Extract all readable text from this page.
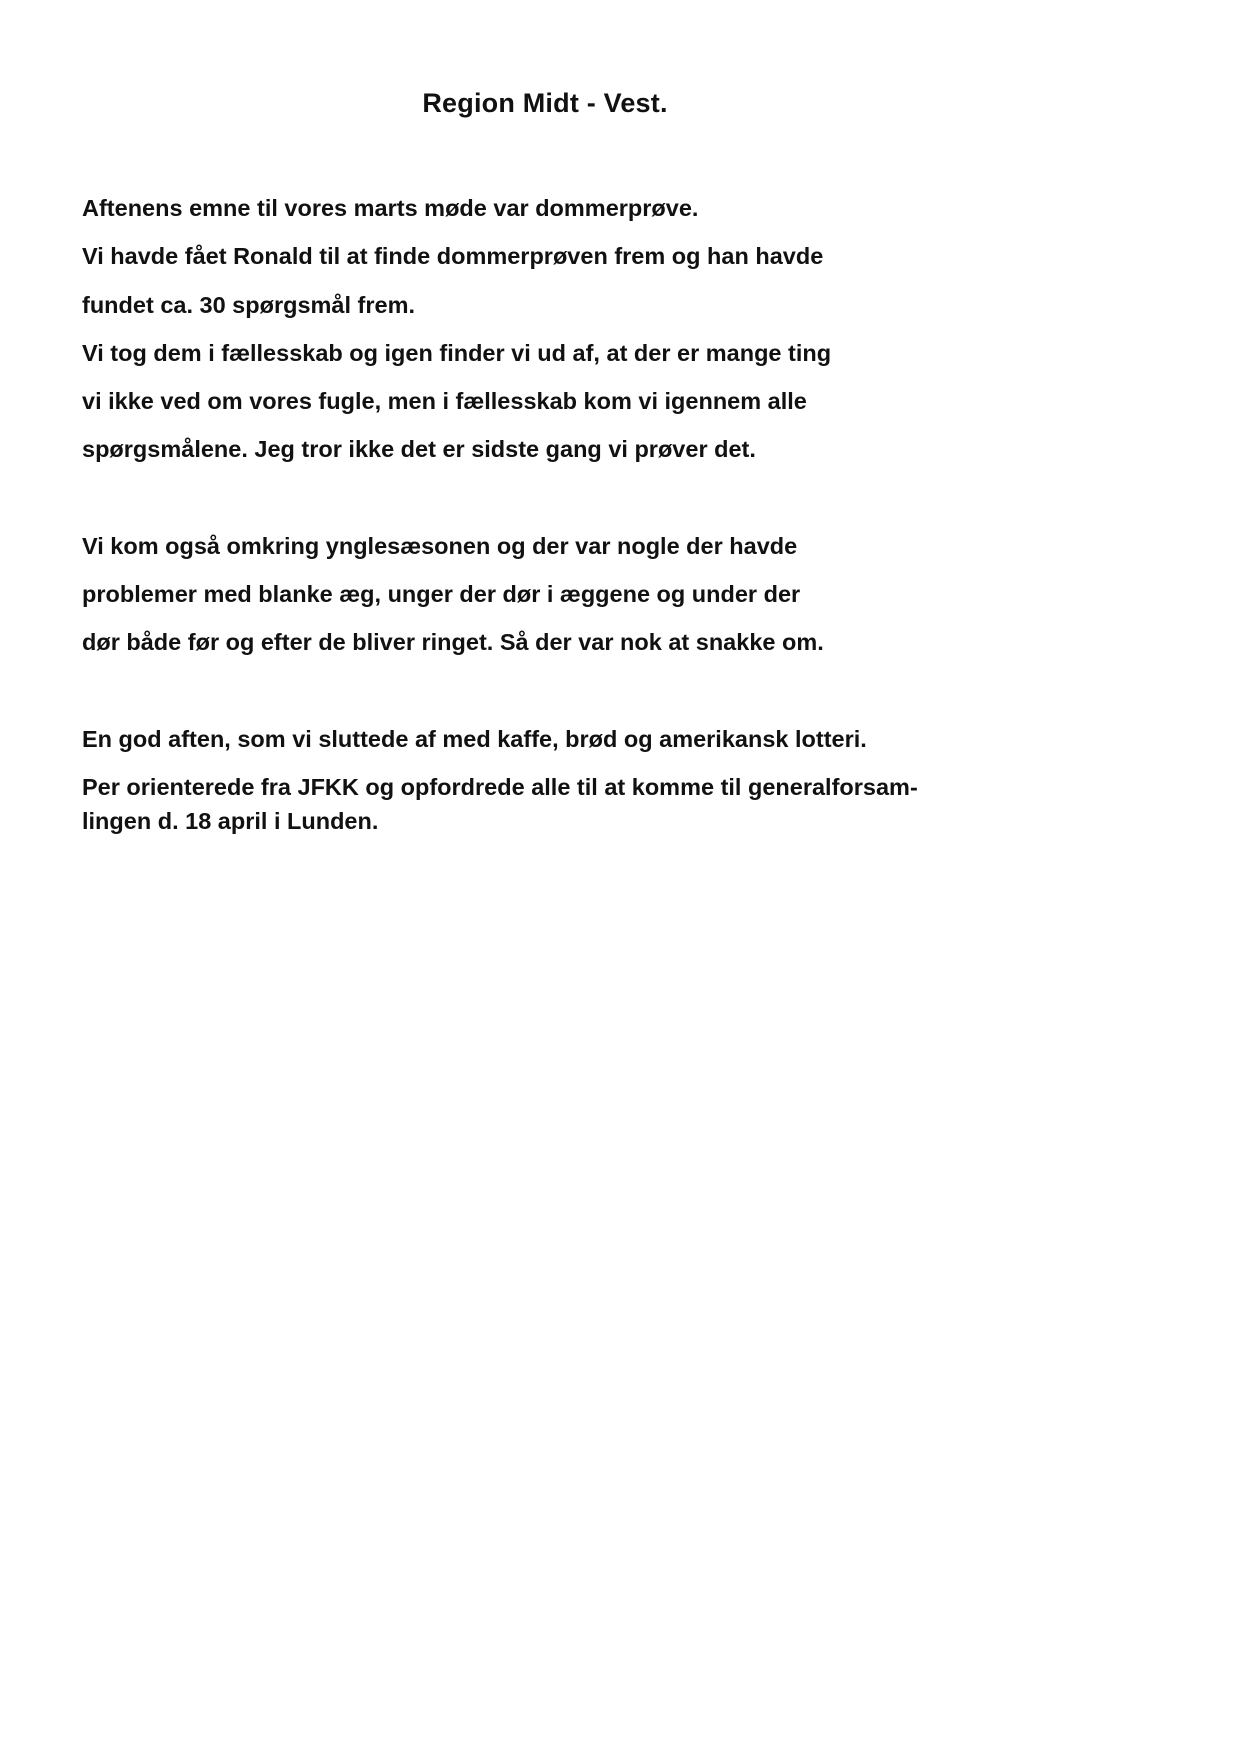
Region Midt - Vest.
Aftenens emne til vores marts møde var dommerprøve.
Vi havde fået Ronald til at finde dommerprøven frem og han havde
fundet ca. 30 spørgsmål frem.
Vi tog dem i fællesskab og igen finder vi ud af, at der er mange ting
vi ikke ved om vores fugle, men i fællesskab kom vi igennem alle
spørgsmålene. Jeg tror ikke det er sidste gang vi prøver det.
Vi kom også omkring ynglesæsonen og der var nogle der havde
problemer med blanke æg, unger der dør i æggene og under der
dør både før og efter de bliver ringet. Så der var nok at snakke om.
En god aften, som vi sluttede af med kaffe, brød og amerikansk lotteri.
Per orienterede fra JFKK og opfordrede alle til at komme til generalforsam-
lingen d. 18 april i Lunden.
